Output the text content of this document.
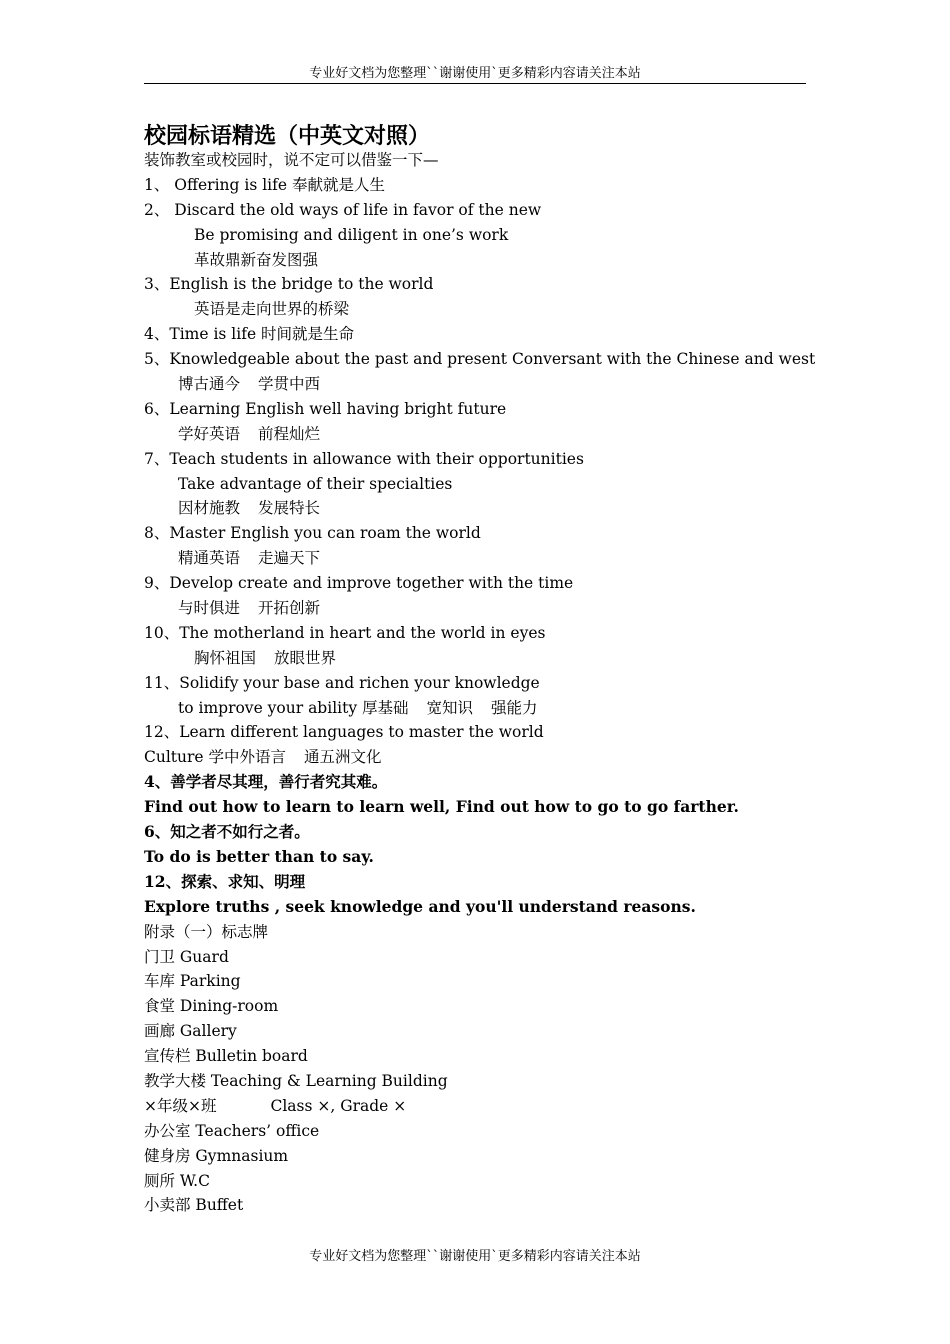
专业好文档为您整理``谢谢使用`更多精彩内容请关注本站
校园标语精选（中英文对照）
装饰教室或校园时，说不定可以借鉴一下—
1、 Offering is life 奉献就是人生
2、 Discard the old ways of life in favor of the new
Be promising and diligent in one’s work
革故鼎新奋发图强
3、English is the bridge to the world
英语是走向世界的桥梁
4、Time is life 时间就是生命
5、Knowledgeable about the past and present Conversant with the Chinese and west
博古通今 学贯中西
6、Learning English well having bright future
学好英语 前程灿烂
7、Teach students in allowance with their opportunities
Take advantage of their specialties
因材施教 发展特长
8、Master English you can roam the world
精通英语 走遍天下
9、Develop create and improve together with the time
与时俱进 开拓创新
10、The motherland in heart and the world in eyes
胸怀祖国 放眼世界
11、Solidify your base and richen your knowledge
to improve your ability 厚基础 宽知识 强能力
12、Learn different languages to master the world
Culture 学中外语言 通五洲文化
4、善学者尽其理，善行者究其难。
Find out how to learn to learn well, Find out how to go to go farther.
6、知之者不如行之者。
To do is better than to say.
12、探索、求知、明理
Explore truths , seek knowledge and you'll understand reasons.
附录（一）标志牌
门卫 Guard
车库 Parking
食堂 Dining-room
画廊 Gallery
宣传栏 Bulletin board
教学大楼 Teaching & Learning Building
×年级×班	Class ×, Grade ×
办公室 Teachers’ office
健身房 Gymnasium
厕所 W.C
小卖部 Buffet
专业好文档为您整理``谢谢使用`更多精彩内容请关注本站
